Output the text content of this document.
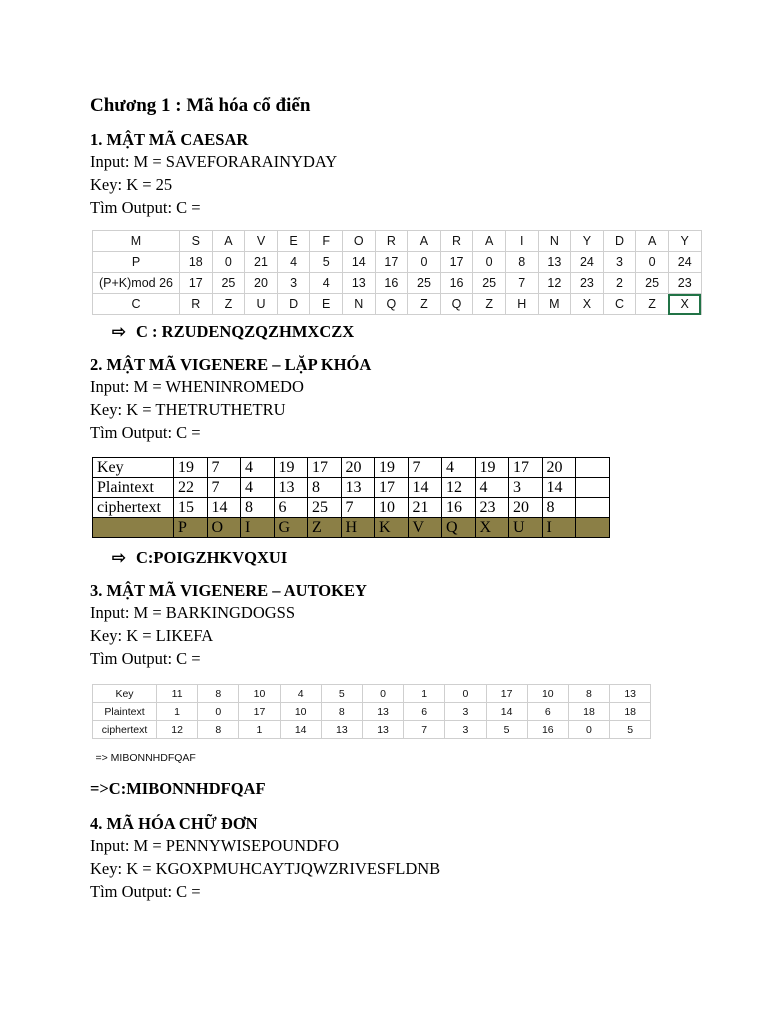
Chương 1 : Mã hóa cổ điển
1. MẬT MÃ CAESAR
Input: M = SAVEFORARAINYDAY
Key: K = 25
Tìm Output: C =
M	S	A	V	E	F	O	R	A	R	A	I	N	Y	D	A	Y
P	18	0	21	4	5	14	17	0	17	0	8	13	24	3	0	24
(P+K)mod 26	17	25	20	3	4	13	16	25	16	25	7	12	23	2	25	23
C	R	Z	U	D	E	N	Q	Z	Q	Z	H	M	X	C	Z	X
⇨ C : RZUDENQZQZHMXCZX
2. MẬT MÃ VIGENERE – LẶP KHÓA
Input: M = WHENINROMEDO
Key: K = THETRUTHETRU
Tìm Output: C =
Key	19	7	4	19	17	20	19	7	4	19	17	20	
Plaintext	22	7	4	13	8	13	17	14	12	4	3	14	
ciphertext	15	14	8	6	25	7	10	21	16	23	20	8	
	P	O	I	G	Z	H	K	V	Q	X	U	I	
⇨ C:POIGZHKVQXUI
3. MẬT MÃ VIGENERE – AUTOKEY
Input: M = BARKINGDOGSS
Key: K = LIKEFA
Tìm Output: C =
Key	11	8	10	4	5	0	1	0	17	10	8	13
Plaintext	1	0	17	10	8	13	6	3	14	6	18	18
ciphertext	12	8	1	14	13	13	7	3	5	16	0	5

=> MIBONNHDFQAF												
=>C:MIBONNHDFQAF
4. MÃ HÓA CHỮ ĐƠN
Input: M = PENNYWISEPOUNDFO
Key: K = KGOXPMUHCAYTJQWZRIVESFLDNB
Tìm Output: C =
